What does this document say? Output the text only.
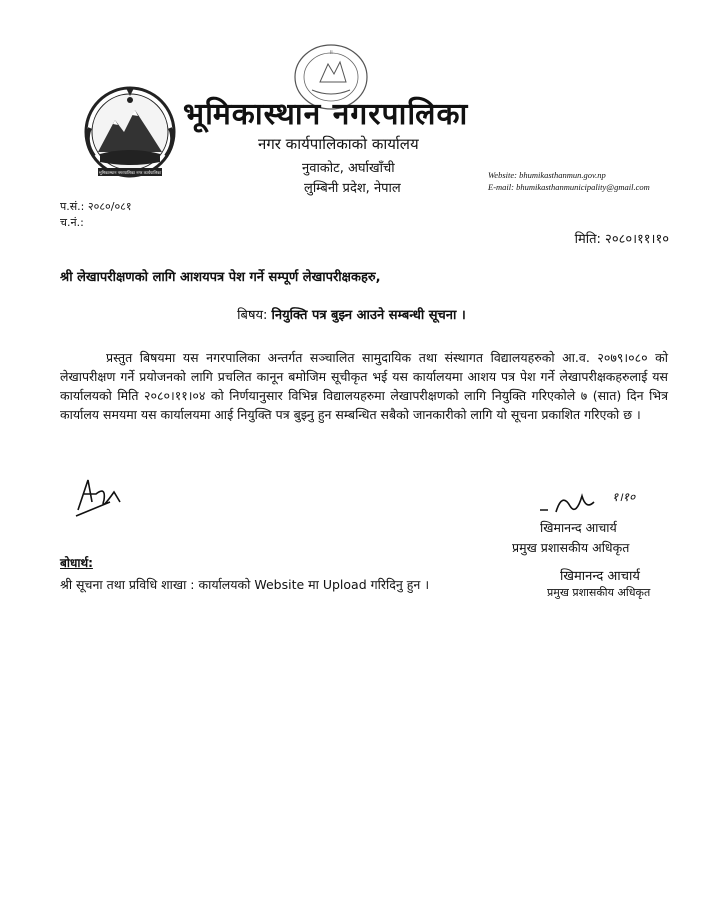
भूमिकास्थान नगरपालिका नगर कार्यपालिका
॥
भूमिकास्थान नगरपालिका
नगर कार्यपालिकाको कार्यालय
नुवाकोट, अर्घाखाँची
लुम्बिनी प्रदेश, नेपाल
Website: bhumikasthanmun.gov.np
E-mail: bhumikasthanmunicipality@gmail.com
प.सं.: २०८०/०८१
च.नं.:
मिति: २०८०।११।१०
श्री लेखापरीक्षणको लागि आशयपत्र पेश गर्ने सम्पूर्ण लेखापरीक्षकहरु,
बिषय: नियुक्ति पत्र बुझ्न आउने सम्बन्धी सूचना ।
प्रस्तुत बिषयमा यस नगरपालिका अन्तर्गत सञ्चालित सामुदायिक तथा संस्थागत विद्यालयहरुको आ.व. २०७९।०८० को लेखापरीक्षण गर्ने प्रयोजनको लागि प्रचलित कानून बमोजिम सूचीकृत भई यस कार्यालयमा आशय पत्र पेश गर्ने लेखापरीक्षकहरुलाई यस कार्यालयको मिति २०८०।११।०४ को निर्णयानुसार विभिन्न विद्यालयहरुमा लेखापरीक्षणको लागि नियुक्ति गरिएकोले ७ (सात) दिन भित्र कार्यालय समयमा यस कार्यालयमा आई नियुक्ति पत्र बुझ्नु हुन सम्बन्धित सबैको जानकारीको लागि यो सूचना प्रकाशित गरिएको छ ।
१।१०
खिमानन्द आचार्य
प्रमुख प्रशासकीय अधिकृत
बोधार्थ:
श्री सूचना तथा प्रविधि शाखा : कार्यालयको Website मा Upload गरिदिनु हुन ।
खिमानन्द आचार्य
प्रमुख प्रशासकीय अधिकृत
